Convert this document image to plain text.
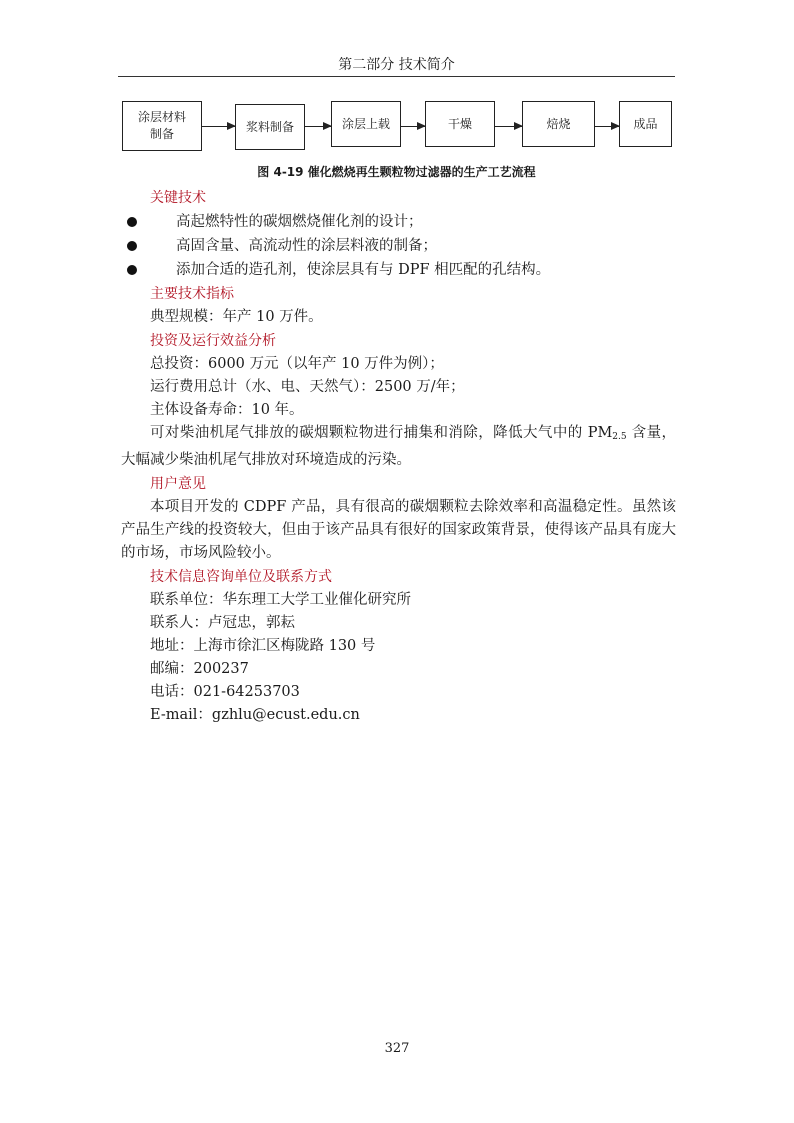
第二部分 技术简介
涂层材料
制备
浆料制备	涂层上载	干燥	焙烧	成品
图 4-19 催化燃烧再生颗粒物过滤器的生产工艺流程
关键技术
高起燃特性的碳烟燃烧催化剂的设计；
高固含量、高流动性的涂层料液的制备；
添加合适的造孔剂，使涂层具有与 DPF 相匹配的孔结构。
主要技术指标
典型规模：年产 10 万件。
投资及运行效益分析
总投资：6000 万元（以年产 10 万件为例）；
运行费用总计（水、电、天然气）：2500 万/年；
主体设备寿命：10 年。
可对柴油机尾气排放的碳烟颗粒物进行捕集和消除，降低大气中的 $PM_{2.5}$ 含量，大幅减少柴油机尾气排放对环境造成的污染。
用户意见
本项目开发的 CDPF 产品，具有很高的碳烟颗粒去除效率和高温稳定性。虽然该产品生产线的投资较大，但由于该产品具有很好的国家政策背景，使得该产品具有庞大的市场，市场风险较小。
技术信息咨询单位及联系方式
联系单位：华东理工大学工业催化研究所
联系人：卢冠忠，郭耘
地址：上海市徐汇区梅陇路 130 号
邮编：200237
电话：021-64253703
E-mail：gzhlu@ecust.edu.cn
327
